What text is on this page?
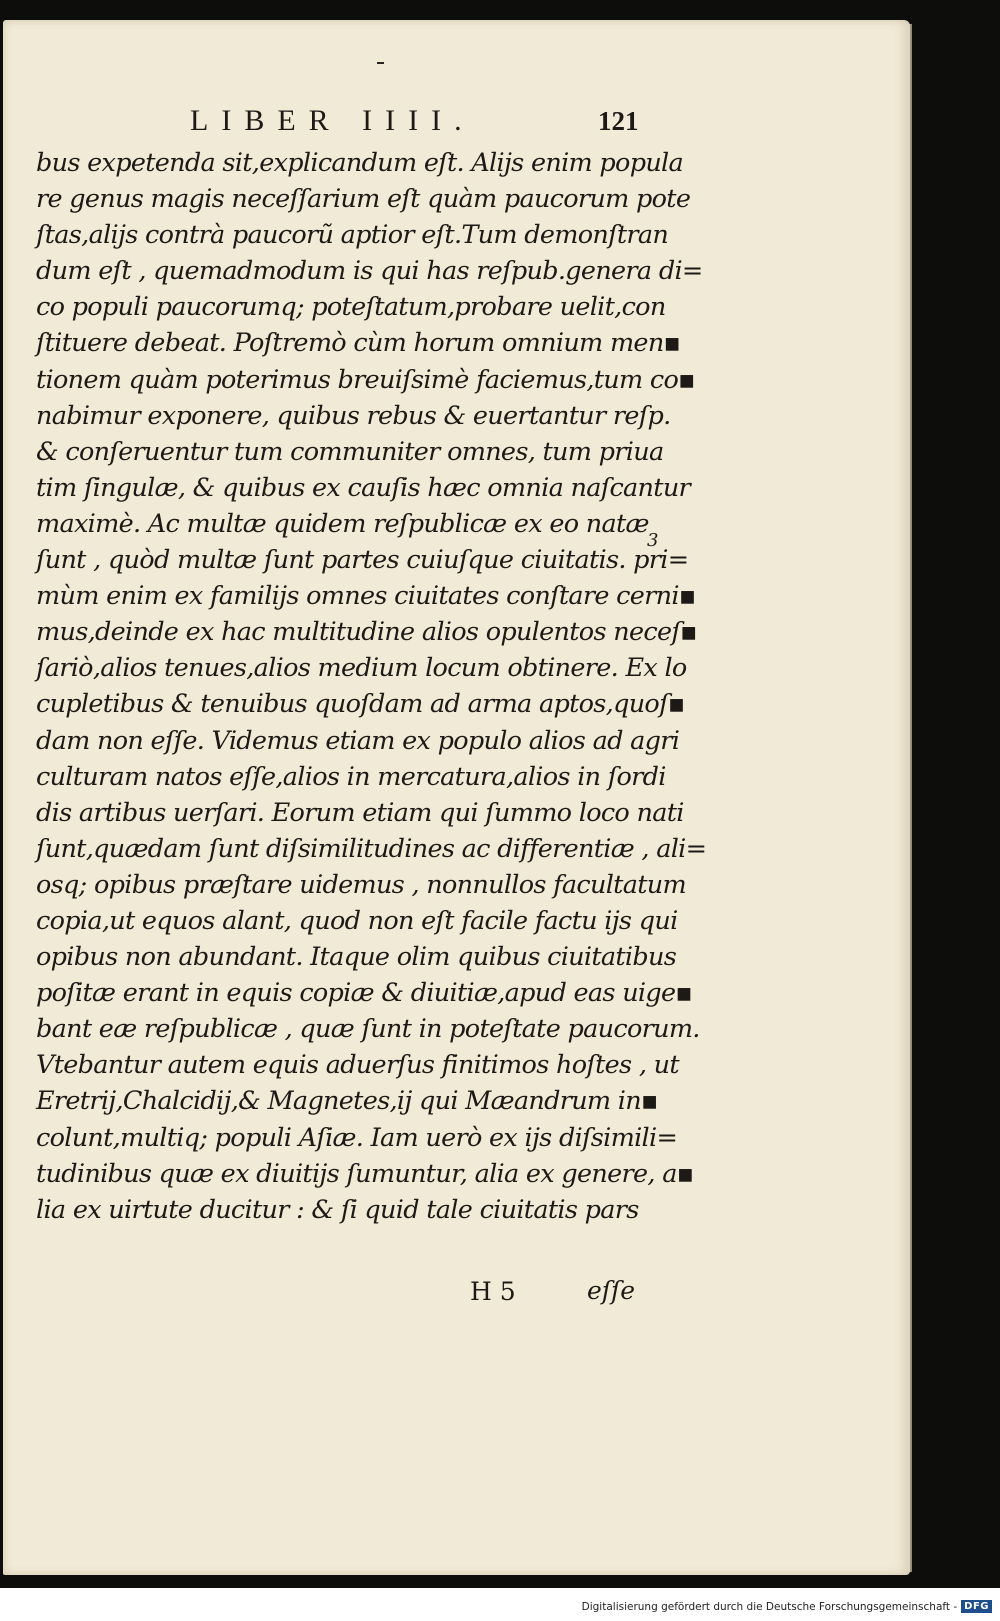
LIBER IIII.	121
bus expetenda sit,explicandum eſt. Alijs enim popula
re genus magis neceſſarium eſt quàm paucorum pote
ſtas,alijs contrà paucorũ aptior eſt.Tum demonſtran
dum eſt , quemadmodum is qui has reſpub.genera di=
co populi paucorumq; poteſtatum,probare uelit,con
ſtituere debeat. Poſtremò cùm horum omnium men▪
tionem quàm poterimus breuiſsimè faciemus,tum co▪
nabimur exponere, quibus rebus & euertantur reſp.
& conſeruentur tum communiter omnes, tum priua
tim ſingulæ, & quibus ex cauſis hæc omnia naſcantur
maximè. Ac multæ quidem reſpublicæ ex eo natæ
ſunt , quòd multæ ſunt partes cuiuſque ciuitatis. pri=
mùm enim ex familijs omnes ciuitates conſtare cerni▪
mus,deinde ex hac multitudine alios opulentos neceſ▪
ſariò,alios tenues,alios medium locum obtinere. Ex lo
cupletibus & tenuibus quoſdam ad arma aptos,quoſ▪
dam non eſſe. Videmus etiam ex populo alios ad agri
culturam natos eſſe,alios in mercatura,alios in ſordi
dis artibus uerſari. Eorum etiam qui ſummo loco nati
ſunt,quædam ſunt diſsimilitudines ac differentiæ , ali=
osq; opibus præſtare uidemus , nonnullos facultatum
copia,ut equos alant, quod non eſt facile factu ijs qui
opibus non abundant. Itaque olim quibus ciuitatibus
poſitæ erant in equis copiæ & diuitiæ,apud eas uige▪
bant eæ reſpublicæ , quæ ſunt in poteſtate paucorum.
Vtebantur autem equis aduerſus finitimos hoſtes , ut
Eretrij,Chalcidij,& Magnetes,ij qui Mæandrum in▪
colunt,multiq; populi Aſiæ. Iam uerò ex ijs diſsimili=
tudinibus quæ ex diuitijs ſumuntur, alia ex genere, a▪
lia ex uirtute ducitur : & ſi quid tale ciuitatis pars
3
H 5	eſſe
Digitalisierung gefördert durch die Deutsche Forschungsgemeinschaft - DFG
